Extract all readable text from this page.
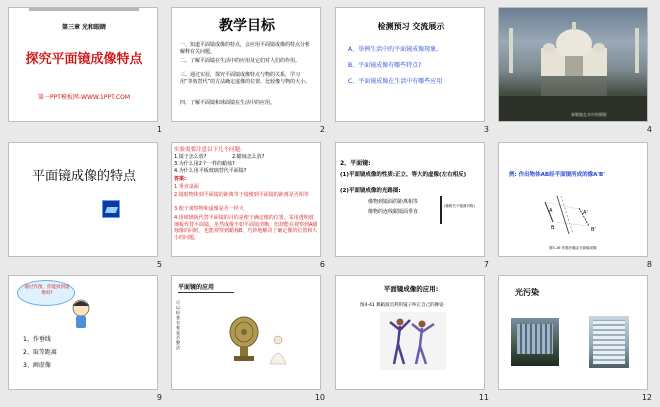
第三章 光和眼睛
探究平面镜成像特点
第一PPT模板网-WWW.1PPT.COM
1
教学目标
一、知道平面镜成像的特点，会应用平面镜成像的特点分析解释有关问题。
二、了解平面镜在生活中的应用及它们对人们的作用。
三、通过实验，探究平面镜成像特点与物的关系，学习用“等效替代”的方法确定虚像的位置，比较像与物的大小。
四、了解平面镜和球面镜在生活中的应用。
2
检测预习 交流展示
A、举例生活中的平面镜成像现象。
B、平面镜成像有哪些特点?
C、平面镜成像在生活中有哪些应用
3
泰姬陵在水中的倒影
4
平面镜成像的特点
5
实验需要注意以下几个问题:
1.镜子怎么放?	2.蜡烛怎么放?
3.为什么用2个一样的蜡烛?
4.为什么用平板玻璃替代平面镜?
答案:
1.垂直桌面
2.镜射物体到平面镜的距离等于镜像到平面镜的距离是否相等
3.便于观察物和虚像是否一样大
4.用玻璃板代替平面镜的目的是便于确定像的位置。采用透明玻璃板代替平面镜，虽然成像不如平面镜清晰，但却能在观察到A蜡烛像的同时，也能观察到蜡烛B，巧妙地解决了确定像的位置和大小的问题。
6
2、平面镜:
(1)平面镜成像的性质:正立、等大的虚像(左右相反)
(2)平面镜成像的光路图:
像物到镜面的距离相等
像物的连线跟镜面垂直
(像物关于镜面对称)
7
例: 作出物体AB经平面镜所成的像A'B'
A
B
A'
B'
图3-16 作图法确定平面镜成像
8
通过作图，你能找到虚像吗?
1、作垂线
2、取等距离
3、画虚像
9
平面镜的应用
可以检查衣着是否整洁
10
平面镜成像的应用:
图4-41 舞蹈演员利用镜子纠正自己的舞姿
11
光污染
12
